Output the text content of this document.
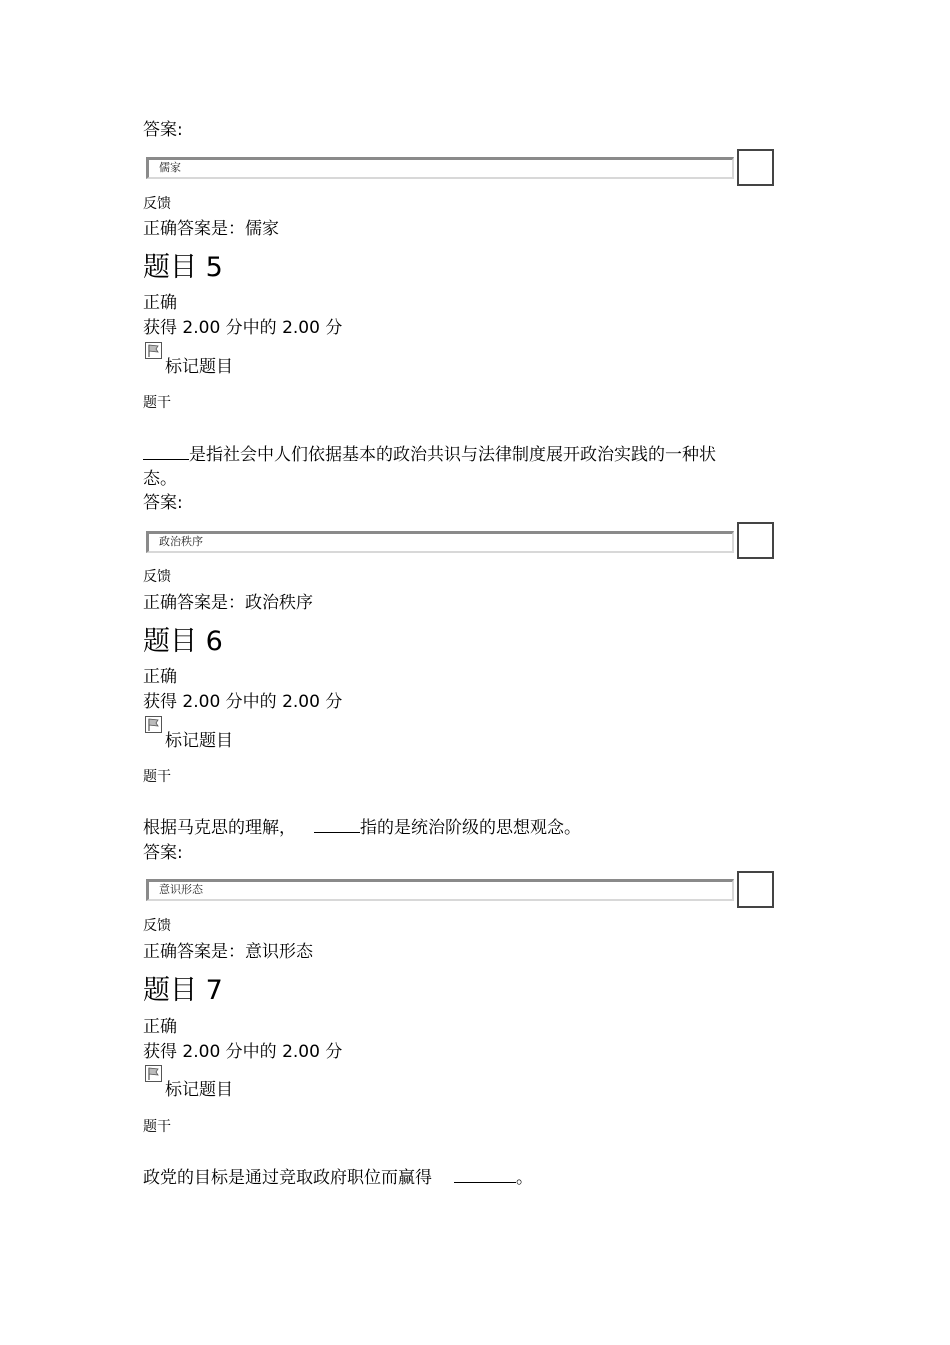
答案:
儒家
反馈
正确答案是：儒家
题目 5
正确
获得 2.00 分中的 2.00 分
标记题目
题干
是指社会中人们依据基本的政治共识与法律制度展开政治实践的一种状
态。
答案:
政治秩序
反馈
正确答案是：政治秩序
题目 6
正确
获得 2.00 分中的 2.00 分
标记题目
题干
根据马克思的理解，	指的是统治阶级的思想观念。
答案:
意识形态
反馈
正确答案是：意识形态
题目 7
正确
获得 2.00 分中的 2.00 分
标记题目
题干
政党的目标是通过竞取政府职位而赢得	。
